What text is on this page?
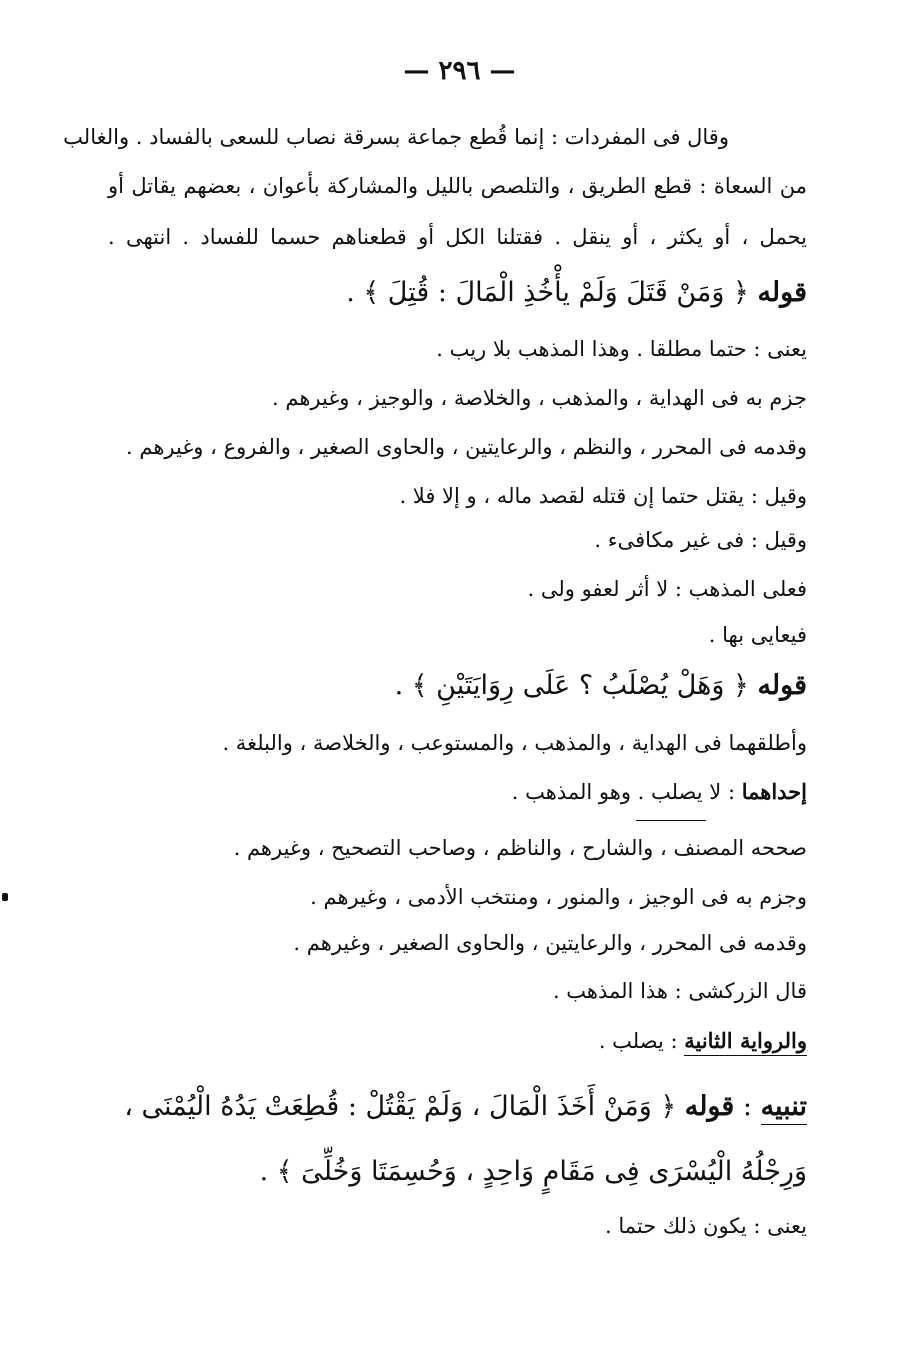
— ٢٩٦ —
وقال فى المفردات : إنما قُطع جماعة بسرقة نصاب للسعى بالفساد . والغالب
من السعاة : قطع الطريق ، والتلصص بالليل والمشاركة بأعوان ، بعضهم يقاتل أو
يحمل ، أو يكثر ، أو ينقل . فقتلنا الكل أو قطعناهم حسما للفساد . انتهى .
قوله ﴿ وَمَنْ قَتَلَ وَلَمْ يأْخُذِ الْمَالَ : قُتِلَ ﴾ .
يعنى : حتما مطلقا . وهذا المذهب بلا ريب .
جزم به فى الهداية ، والمذهب ، والخلاصة ، والوجيز ، وغيرهم .
وقدمه فى المحرر ، والنظم ، والرعايتين ، والحاوى الصغير ، والفروع ، وغيرهم .
وقيل : يقتل حتما إن قتله لقصد ماله ، و إلا فلا .
وقيل : فى غير مكافىء .
فعلى المذهب : لا أثر لعفو ولى .
فيعايى بها .
قوله ﴿ وَهَلْ يُصْلَبُ ؟ عَلَى رِوَايَتَيْنِ ﴾ .
وأطلقهما فى الهداية ، والمذهب ، والمستوعب ، والخلاصة ، والبلغة .
إحداهما : لا يصلب . وهو المذهب .
صححه المصنف ، والشارح ، والناظم ، وصاحب التصحيح ، وغيرهم .
وجزم به فى الوجيز ، والمنور ، ومنتخب الأدمى ، وغيرهم .
وقدمه فى المحرر ، والرعايتين ، والحاوى الصغير ، وغيرهم .
قال الزركشى : هذا المذهب .
والرواية الثانية : يصلب .
تنبيه : قوله ﴿ وَمَنْ أَخَذَ الْمَالَ ، وَلَمْ يَقْتُلْ : قُطِعَتْ يَدُهُ الْيُمْنَى ،
وَرِجْلُهُ الْيُسْرَى فِى مَقَامٍ وَاحِدٍ ، وَحُسِمَتَا وَخُلِّىَ ﴾ .
يعنى : يكون ذلك حتما .
